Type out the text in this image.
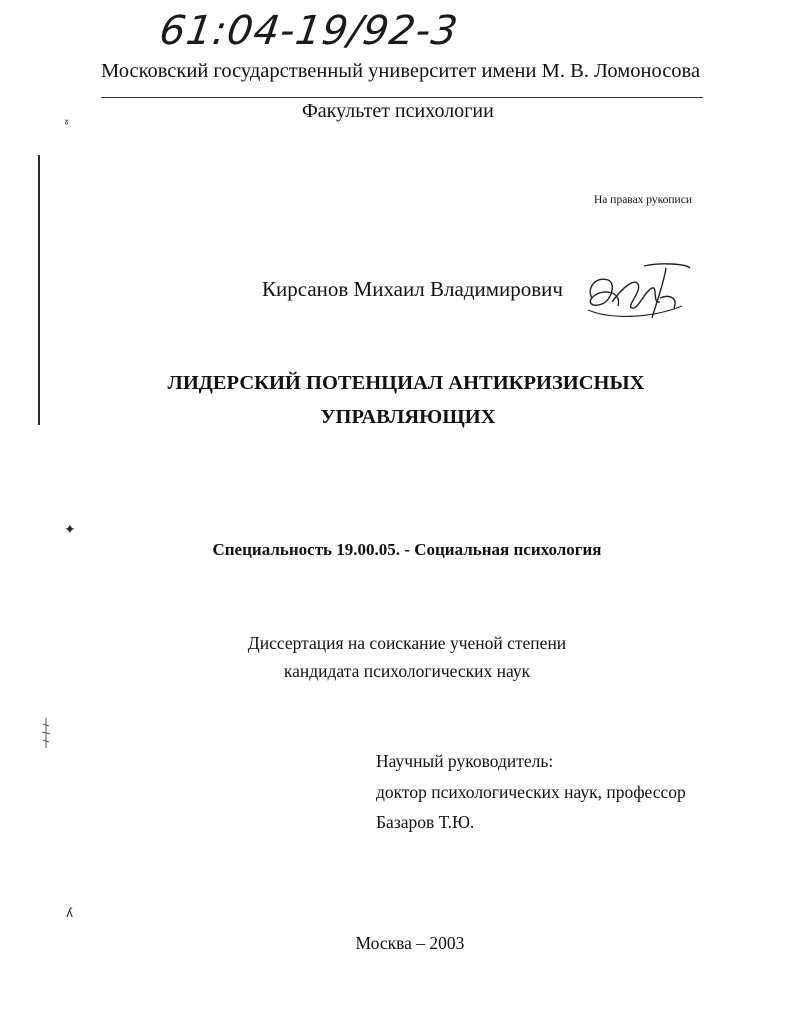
61:04-19/92-3
Московский государственный университет имени М. В. Ломоносова
Факультет психологии
На правах рукописи
Кирсанов Михаил Владимирович
ЛИДЕРСКИЙ ПОТЕНЦИАЛ АНТИКРИЗИСНЫХ
УПРАВЛЯЮЩИХ
Специальность 19.00.05. - Социальная психология
Диссертация на соискание ученой степени
кандидата психологических наук
Научный руководитель:
доктор психологических наук, профессор
Базаров Т.Ю.
Москва – 2003
ˠ
✦
ʎ
